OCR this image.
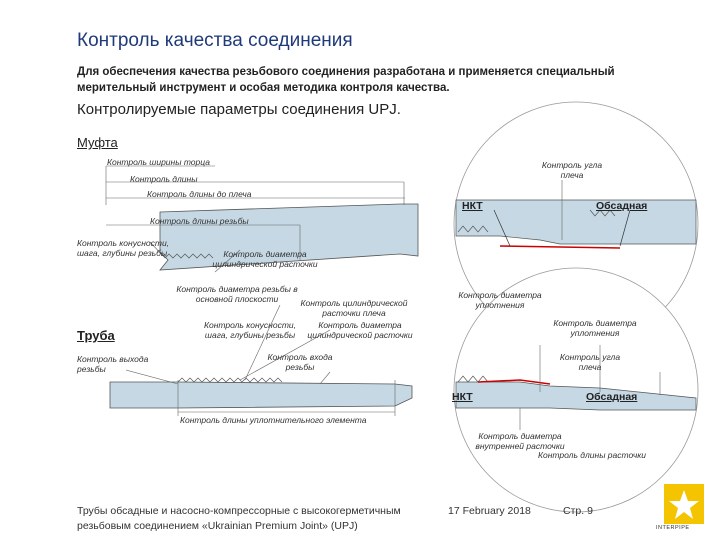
Контроль качества соединения
Для обеспечения качества резьбового соединения разработана и применяется специальный мерительный инструмент и особая методика контроля качества.
Контролируемые параметры соединения UPJ.
Муфта
Труба
Контроль ширины торца
Контроль длины
Контроль длины до плеча
Контроль длины резьбы
Контроль конусности, шага, глубины резьбы	Контроль диаметра цилиндрической расточки
Контроль диаметра резьбы в основной плоскости	Контроль цилиндрической расточки плеча
Контроль угла плеча
Контроль диаметра уплотнения
Контроль диаметра уплотнения
Контроль конусности, шага, глубины резьбы
Контроль диаметра цилиндрической расточки
Контроль выхода резьбы
Контроль входа резьбы
Контроль угла плеча
Контроль длины уплотнительного элемента
Контроль диаметра внутренней расточки
Контроль длины расточки
НКТ	Обсадная
НКТ	Обсадная
Трубы обсадные и насосно-компрессорные с высокогерметичным резьбовым соединением «Ukrainian Premium Joint» (UPJ)
17 February 2018	Стр. 9
INTERPIPE
